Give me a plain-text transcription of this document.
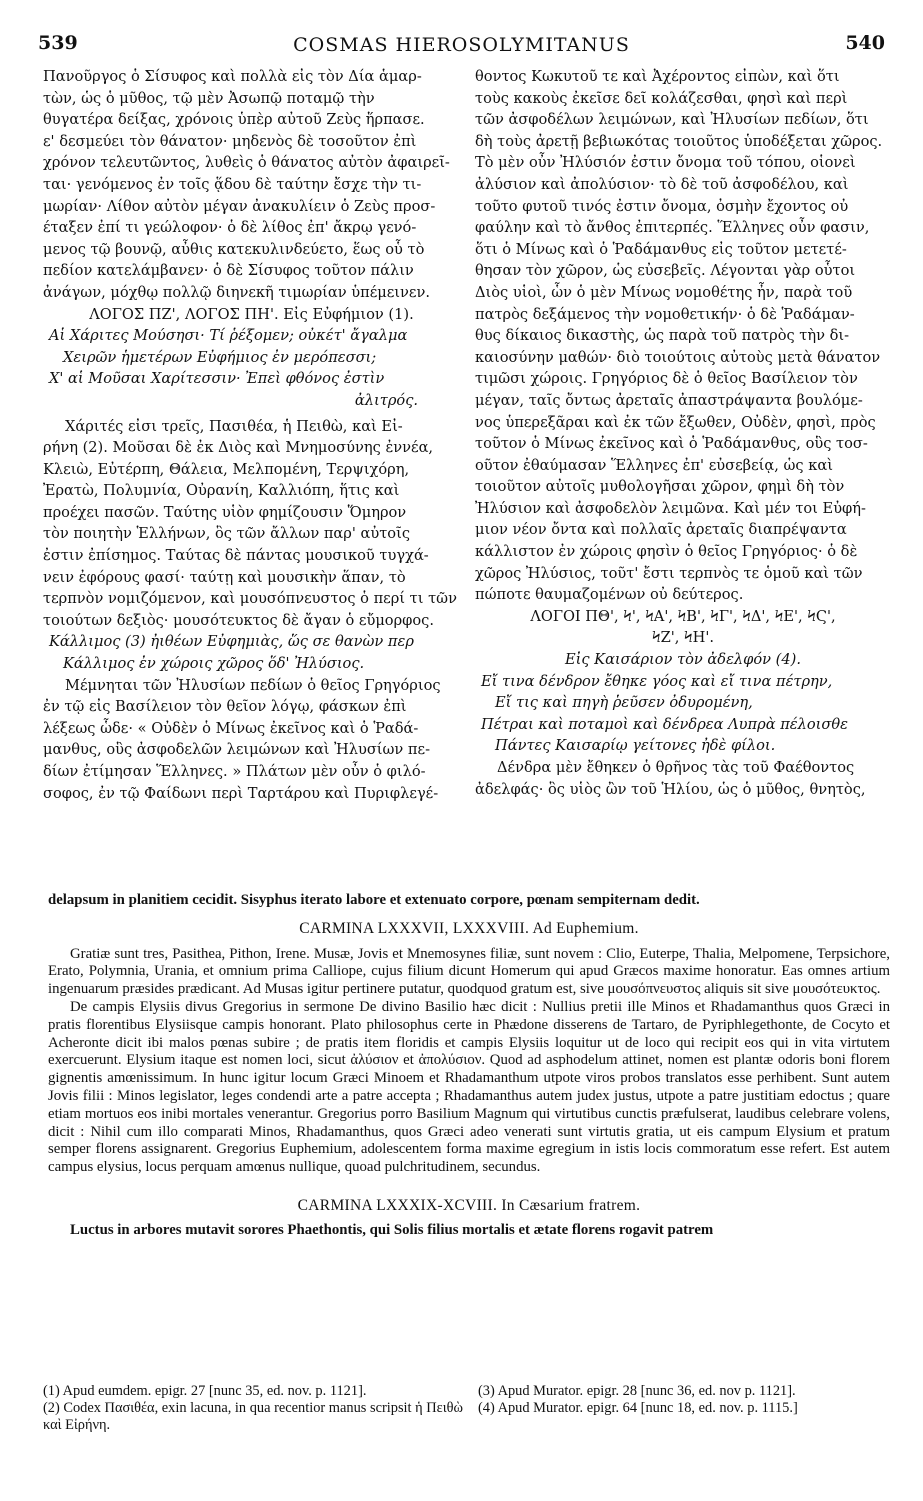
539	COSMAS HIEROSOLYMITANUS	540

Πανοῦργος ὁ Σίσυφος καὶ πολλὰ εἰς τὸν Δία ἁμαρ-

τὼν, ὡς ὁ μῦθος, τῷ μὲν Ἀσωπῷ ποταμῷ τὴν

θυγατέρα δείξας, χρόνοις ὑπὲρ αὐτοῦ Ζεὺς ἥρπασε.

ε' δεσμεύει τὸν θάνατον· μηδενὸς δὲ τοσοῦτον ἐπὶ

χρόνον τελευτῶντος, λυθεὶς ὁ θάνατος αὐτὸν ἀφαιρεῖ-

ται· γενόμενος ἐν τοῖς ᾅδου δὲ ταύτην ἔσχε τὴν τι-

μωρίαν· Λίθον αὐτὸν μέγαν ἀνακυλίειν ὁ Ζεὺς προσ-

έταξεν ἐπί τι γεώλοφον· ὁ δὲ λίθος ἐπ' ἄκρῳ γενό-

μενος τῷ βουνῷ, αὖθις κατεκυλινδεύετο, ἕως οὗ τὸ

πεδίον κατελάμβανεν· ὁ δὲ Σίσυφος τοῦτον πάλιν

ἀνάγων, μόχθῳ πολλῷ διηνεκῆ τιμωρίαν ὑπέμεινεν.

ΛΟΓΟΣ ΠΖ', ΛΟΓΟΣ ΠΗ'. Εἰς Εὐφήμιον (1).

Αἱ Χάριτες Μούσησι· Τί ῥέξομεν; οὐκέτ' ἄγαλμα

Χειρῶν ἡμετέρων Εὐφήμιος ἐν μερόπεσσι;

Χ' αἱ Μοῦσαι Χαρίτεσσιν· Ἐπεὶ φθόνος ἐστὶν

ἀλιτρός.

Χάριτές εἰσι τρεῖς, Πασιθέα, ἡ Πειθὼ, καὶ Εἰ-

ρήνη (2). Μοῦσαι δὲ ἐκ Διὸς καὶ Μνημοσύνης ἐννέα,

Κλειὼ, Εὐτέρπη, Θάλεια, Μελπομένη, Τερψιχόρη,

Ἐρατὼ, Πολυμνία, Οὐρανίη, Καλλιόπη, ἥτις καὶ

προέχει πασῶν. Ταύτης υἱὸν φημίζουσιν Ὅμηρον

τὸν ποιητὴν Ἑλλήνων, ὃς τῶν ἄλλων παρ' αὐτοῖς

ἐστιν ἐπίσημος. Ταύτας δὲ πάντας μουσικοῦ τυγχά-

νειν ἐφόρους φασί· ταύτῃ καὶ μουσικὴν ἅπαν, τὸ

τερπνὸν νομιζόμενον, καὶ μουσόπνευστος ὁ περί τι τῶν

τοιούτων δεξιὸς· μουσότευκτος δὲ ἄγαν ὁ εὔμορφος.

Κάλλιμος (3) ἠιθέων Εὐφημιὰς, ὥς σε θανὼν περ

Κάλλιμος ἐν χώροις χῶρος ὅδ' Ἠλύσιος.

Μέμνηται τῶν Ἠλυσίων πεδίων ὁ θεῖος Γρηγόριος

ἐν τῷ εἰς Βασίλειον τὸν θεῖον λόγῳ, φάσκων ἐπὶ

λέξεως ὧδε· « Οὐδὲν ὁ Μίνως ἐκεῖνος καὶ ὁ Ῥαδά-

μανθυς, οὓς ἀσφοδελῶν λειμώνων καὶ Ἠλυσίων πε-

δίων ἐτίμησαν Ἕλληνες. » Πλάτων μὲν οὖν ὁ φιλό-

σοφος, ἐν τῷ Φαίδωνι περὶ Ταρτάρου καὶ Πυριφλεγέ-

θοντος Κωκυτοῦ τε καὶ Ἀχέροντος εἰπὼν, καὶ ὅτι

τοὺς κακοὺς ἐκεῖσε δεῖ κολάζεσθαι, φησὶ καὶ περὶ

τῶν ἀσφοδέλων λειμώνων, καὶ Ἠλυσίων πεδίων, ὅτι

δὴ τοὺς ἀρετῇ βεβιωκότας τοιοῦτος ὑποδέξεται χῶρος.

Τὸ μὲν οὖν Ἠλύσιόν ἐστιν ὄνομα τοῦ τόπου, οἱονεὶ

ἀλύσιον καὶ ἀπολύσιον· τὸ δὲ τοῦ ἀσφοδέλου, καὶ

τοῦτο φυτοῦ τινός ἐστιν ὄνομα, ὀσμὴν ἔχοντος οὐ

φαύλην καὶ τὸ ἄνθος ἐπιτερπές. Ἕλληνες οὖν φασιν,

ὅτι ὁ Μίνως καὶ ὁ Ῥαδάμανθυς εἰς τοῦτον μετετέ-

θησαν τὸν χῶρον, ὡς εὐσεβεῖς. Λέγονται γὰρ οὗτοι

Διὸς υἱοὶ, ὧν ὁ μὲν Μίνως νομοθέτης ἦν, παρὰ τοῦ

πατρὸς δεξάμενος τὴν νομοθετικήν· ὁ δὲ Ῥαδάμαν-

θυς δίκαιος δικαστὴς, ὡς παρὰ τοῦ πατρὸς τὴν δι-

καιοσύνην μαθών· διὸ τοιούτοις αὐτοὺς μετὰ θάνατον

τιμῶσι χώροις. Γρηγόριος δὲ ὁ θεῖος Βασίλειον τὸν

μέγαν, ταῖς ὄντως ἀρεταῖς ἀπαστράψαντα βουλόμε-

νος ὑπερεξᾶραι καὶ ἐκ τῶν ἔξωθεν, Οὐδὲν, φησὶ, πρὸς

τοῦτον ὁ Μίνως ἐκεῖνος καὶ ὁ Ῥαδάμανθυς, οὓς τοσ-

οῦτον ἐθαύμασαν Ἕλληνες ἐπ' εὐσεβείᾳ, ὡς καὶ

τοιοῦτον αὐτοῖς μυθολογῆσαι χῶρον, φημὶ δὴ τὸν

Ἠλύσιον καὶ ἀσφοδελὸν λειμῶνα. Καὶ μέν τοι Εὐφή-

μιον νέον ὄντα καὶ πολλαῖς ἀρεταῖς διαπρέψαντα

κάλλιστον ἐν χώροις φησὶν ὁ θεῖος Γρηγόριος· ὁ δὲ

χῶρος Ἠλύσιος, τοῦτ' ἔστι τερπνὸς τε ὁμοῦ καὶ τῶν

πώποτε θαυμαζομένων οὐ δεύτερος.

ΛΟΓΟΙ ΠΘ', Ϟ', ϞΑ', ϞΒ', ϞΓ', ϞΔ', ϞΕ', ϞϚ',

ϞΖ', ϞΗ'.

Εἰς Καισάριον τὸν ἀδελφόν (4).

Εἴ τινα δένδρον ἔθηκε γόος καὶ εἴ τινα πέτρην,

Εἴ τις καὶ πηγὴ ῥεῦσεν ὀδυρομένη,

Πέτραι καὶ ποταμοὶ καὶ δένδρεα Λυπρὰ πέλοισθε

Πάντες Καισαρίῳ γείτονες ἠδὲ φίλοι.

Δένδρα μὲν ἔθηκεν ὁ θρῆνος τὰς τοῦ Φαέθοντος

ἀδελφάς· ὃς υἱὸς ὢν τοῦ Ἡλίου, ὡς ὁ μῦθος, θνητὸς,

delapsum in planitiem cecidit. Sisyphus iterato labore et extenuato corpore, pœnam sempiternam dedit.

CARMINA LXXXVII, LXXXVIII. Ad Euphemium.

Gratiæ sunt tres, Pasithea, Pithon, Irene. Musæ, Jovis et Mnemosynes filiæ, sunt novem : Clio, Euterpe, Thalia, Melpomene, Terpsichore, Erato, Polymnia, Urania, et omnium prima Calliope, cujus filium dicunt Homerum qui apud Græcos maxime honoratur. Eas omnes artium ingenuarum præsides prædicant. Ad Musas igitur pertinere putatur, quodquod gratum est, sive μουσόπνευστος aliquis sit sive μουσότευκτος.

De campis Elysiis divus Gregorius in sermone De divino Basilio hæc dicit : Nullius pretii ille Minos et Rhadamanthus quos Græci in pratis florentibus Elysiisque campis honorant. Plato philosophus certe in Phædone disserens de Tartaro, de Pyriphlegethonte, de Cocyto et Acheronte dicit ibi malos pœnas subire ; de pratis item floridis et campis Elysiis loquitur ut de loco qui recipit eos qui in vita virtutem exercuerunt. Elysium itaque est nomen loci, sicut ἀλύσιον et ἀπολύσιον. Quod ad asphodelum attinet, nomen est plantæ odoris boni florem gignentis amœnissimum. In hunc igitur locum Græci Minoem et Rhadamanthum utpote viros probos translatos esse perhibent. Sunt autem Jovis filii : Minos legislator, leges condendi arte a patre accepta ; Rhadamanthus autem judex justus, utpote a patre justitiam edoctus ; quare etiam mortuos eos inibi mortales venerantur. Gregorius porro Basilium Magnum qui virtutibus cunctis præfulserat, laudibus celebrare volens, dicit : Nihil cum illo comparati Minos, Rhadamanthus, quos Græci adeo venerati sunt virtutis gratia, ut eis campum Elysium et pratum semper florens assignarent. Gregorius Euphemium, adolescentem forma maxime egregium in istis locis commoratum esse refert. Est autem campus elysius, locus perquam amœnus nullique, quoad pulchritudinem, secundus.

CARMINA LXXXIX-XCVIII. In Cæsarium fratrem.

Luctus in arbores mutavit sorores Phaethontis, qui Solis filius mortalis et ætate florens rogavit patrem

(1) Apud eumdem. epigr. 27 [nunc 35, ed. nov. p. 1121].

(2) Codex Πασιθέα, exin lacuna, in qua recentior manus scripsit ἡ Πειθὼ καὶ Εἰρήνη.

(3) Apud Murator. epigr. 28 [nunc 36, ed. nov p. 1121].

(4) Apud Murator. epigr. 64 [nunc 18, ed. nov. p. 1115.]
